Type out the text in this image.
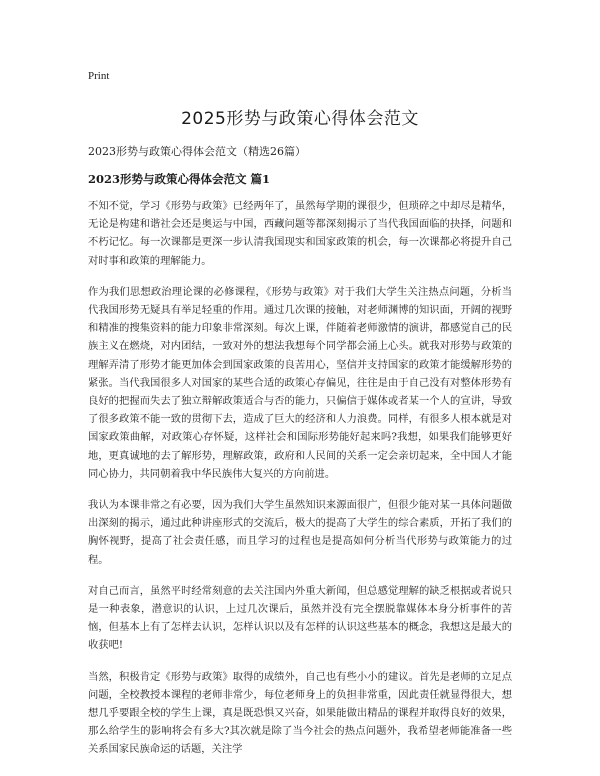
Print
2025形势与政策心得体会范文
2023形势与政策心得体会范文（精选26篇）
2023形势与政策心得体会范文 篇1

不知不觉，学习《形势与政策》已经两年了，虽然每学期的课很少，但琐碎之中却尽是精华，无论是构建和谐社会还是奥运与中国，西藏问题等都深刻揭示了当代我国面临的抉择，问题和不朽记忆。每一次课都是更深一步认清我国现实和国家政策的机会，每一次课都必将提升自己对时事和政策的理解能力。

作为我们思想政治理论课的必修课程，《形势与政策》对于我们大学生关注热点问题，分析当代我国形势无疑具有举足轻重的作用。通过几次课的接触，对老师渊博的知识面，开阔的视野和精准的搜集资料的能力印象非常深刻。每次上课，伴随着老师激情的演讲，都感觉自己的民族主义在燃烧，对内团结，一致对外的想法我想每个同学都会涌上心头。就我对形势与政策的理解弄清了形势才能更加体会到国家政策的良苦用心，坚信并支持国家的政策才能缓解形势的紧张。当代我国很多人对国家的某些合适的政策心存偏见，往往是由于自己没有对整体形势有良好的把握而失去了独立辩解政策适合与否的能力，只偏信于媒体或者某一个人的宣讲，导致了很多政策不能一致的贯彻下去，造成了巨大的经济和人力浪费。同样，有很多人根本就是对国家政策曲解，对政策心存怀疑，这样社会和国际形势能好起来吗?我想，如果我们能够更好地，更真诚地的去了解形势，理解政策，政府和人民间的关系一定会亲切起来，全中国人才能同心协力，共同朝着我中华民族伟大复兴的方向前进。

我认为本课非常之有必要，因为我们大学生虽然知识来源面很广，但很少能对某一具体问题做出深刻的揭示，通过此种讲座形式的交流后，极大的提高了大学生的综合素质，开拓了我们的胸怀视野，提高了社会责任感，而且学习的过程也是提高如何分析当代形势与政策能力的过程。

对自己而言，虽然平时经常刻意的去关注国内外重大新闻，但总感觉理解的缺乏根据或者说只是一种表象，潜意识的认识，上过几次课后，虽然并没有完全摆脱靠媒体本身分析事件的苦恼，但基本上有了怎样去认识，怎样认识以及有怎样的认识这些基本的概念，我想这是最大的收获吧!

当然，积极肯定《形势与政策》取得的成绩外，自己也有些小小的建议。首先是老师的立足点问题，全校教授本课程的老师非常少，每位老师身上的负担非常重，因此责任就显得很大，想想几乎要跟全校的学生上课，真是既恐惧又兴奋，如果能做出精品的课程并取得良好的效果，那么给学生的影响将会有多大?其次就是除了当今社会的热点问题外，我希望老师能准备一些关系国家民族命运的话题，关注学
